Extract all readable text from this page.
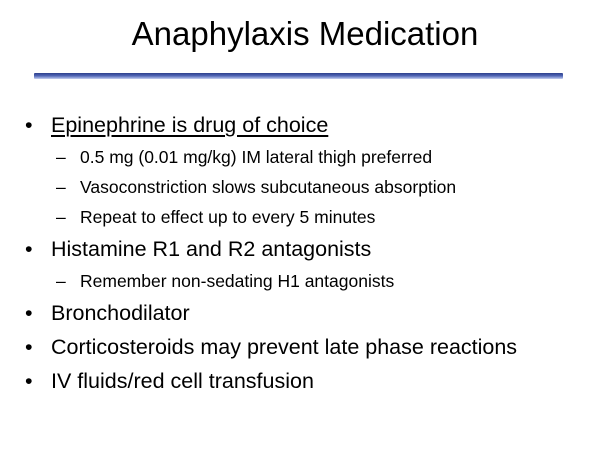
Anaphylaxis Medication
• Epinephrine is drug of choice
– 0.5 mg (0.01 mg/kg) IM lateral thigh preferred
– Vasoconstriction slows subcutaneous absorption
– Repeat to effect up to every 5 minutes
• Histamine R1 and R2 antagonists
– Remember non-sedating H1 antagonists
• Bronchodilator
• Corticosteroids may prevent late phase reactions
• IV fluids/red cell transfusion
